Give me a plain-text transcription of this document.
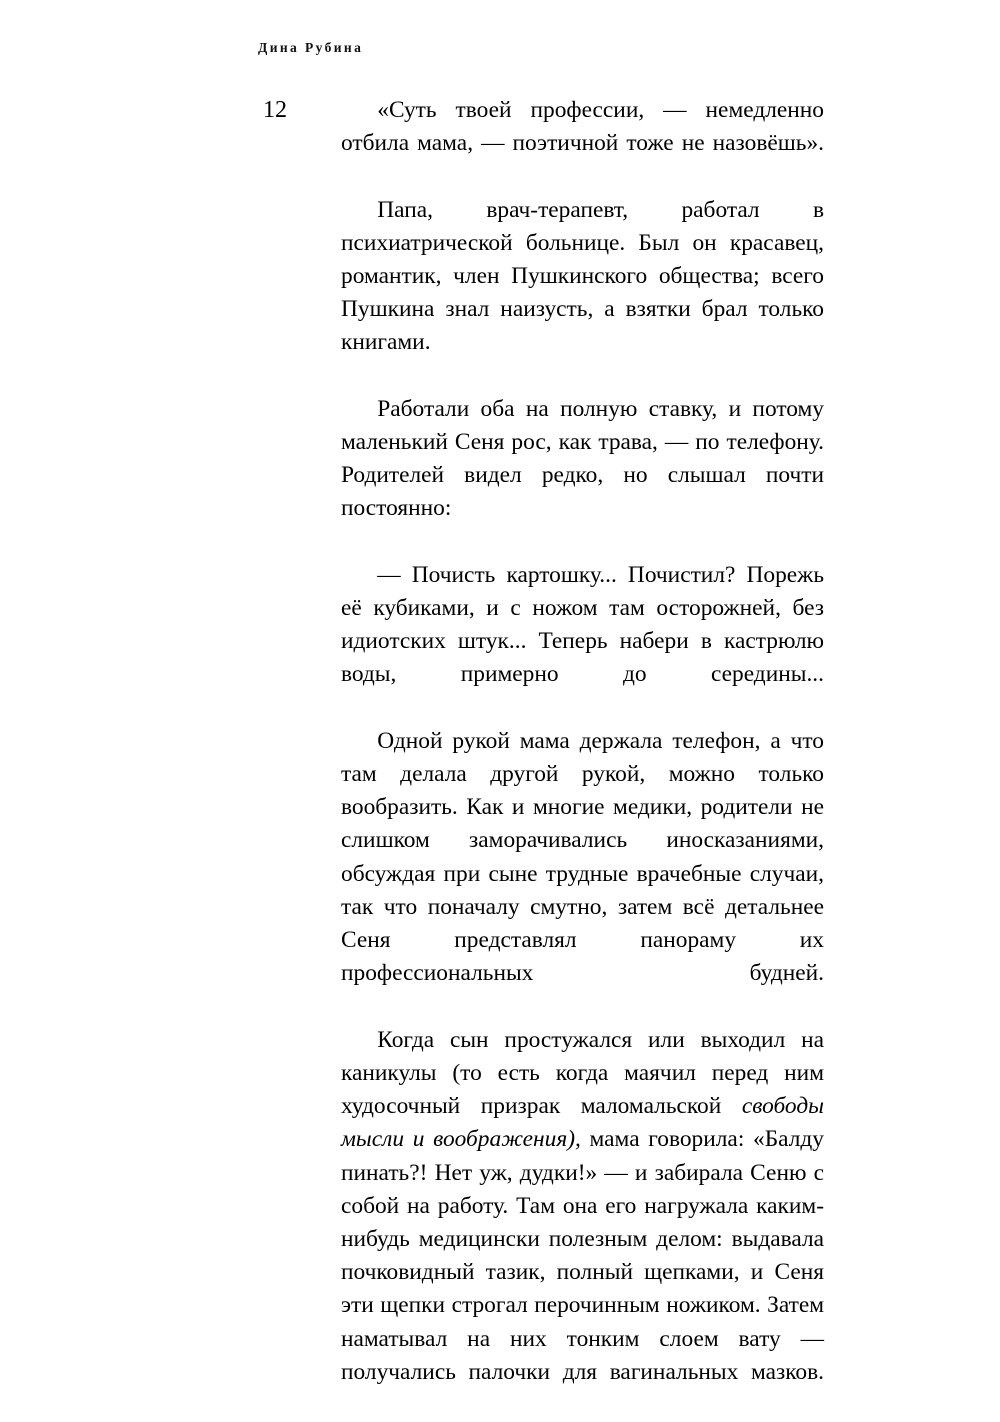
Дина Рубина
12	«Суть твоей профессии, — немедленно отбила мама, — поэтичной тоже не назовёшь».

Папа, врач-терапевт, работал в психиатрической больнице. Был он красавец, романтик, член Пушкинского общества; всего Пушкина знал наизусть, а взятки брал только книгами.

Работали оба на полную ставку, и потому маленький Сеня рос, как трава, — по телефону. Родителей видел редко, но слышал почти постоянно:

— Почисть картошку... Почистил? Порежь её кубиками, и с ножом там осторожней, без идиотских штук... Теперь набери в кастрюлю воды, примерно до середины...

Одной рукой мама держала телефон, а что там делала другой рукой, можно только вообразить. Как и многие медики, родители не слишком заморачивались иносказаниями, обсуждая при сыне трудные врачебные случаи, так что поначалу смутно, затем всё детальнее Сеня представлял панораму их профессиональных будней.

Когда сын простужался или выходил на каникулы (то есть когда маячил перед ним худосочный призрак маломальской свободы мысли и воображения), мама говорила: «Балду пинать?! Нет уж, дудки!» — и забирала Сеню с собой на работу. Там она его нагружала каким-нибудь медицински полезным делом: выдавала почковидный тазик, полный щепками, и Сеня эти щепки строгал перочинным ножиком. Затем наматывал на них тонким слоем вату — получались палочки для вагинальных мазков.
